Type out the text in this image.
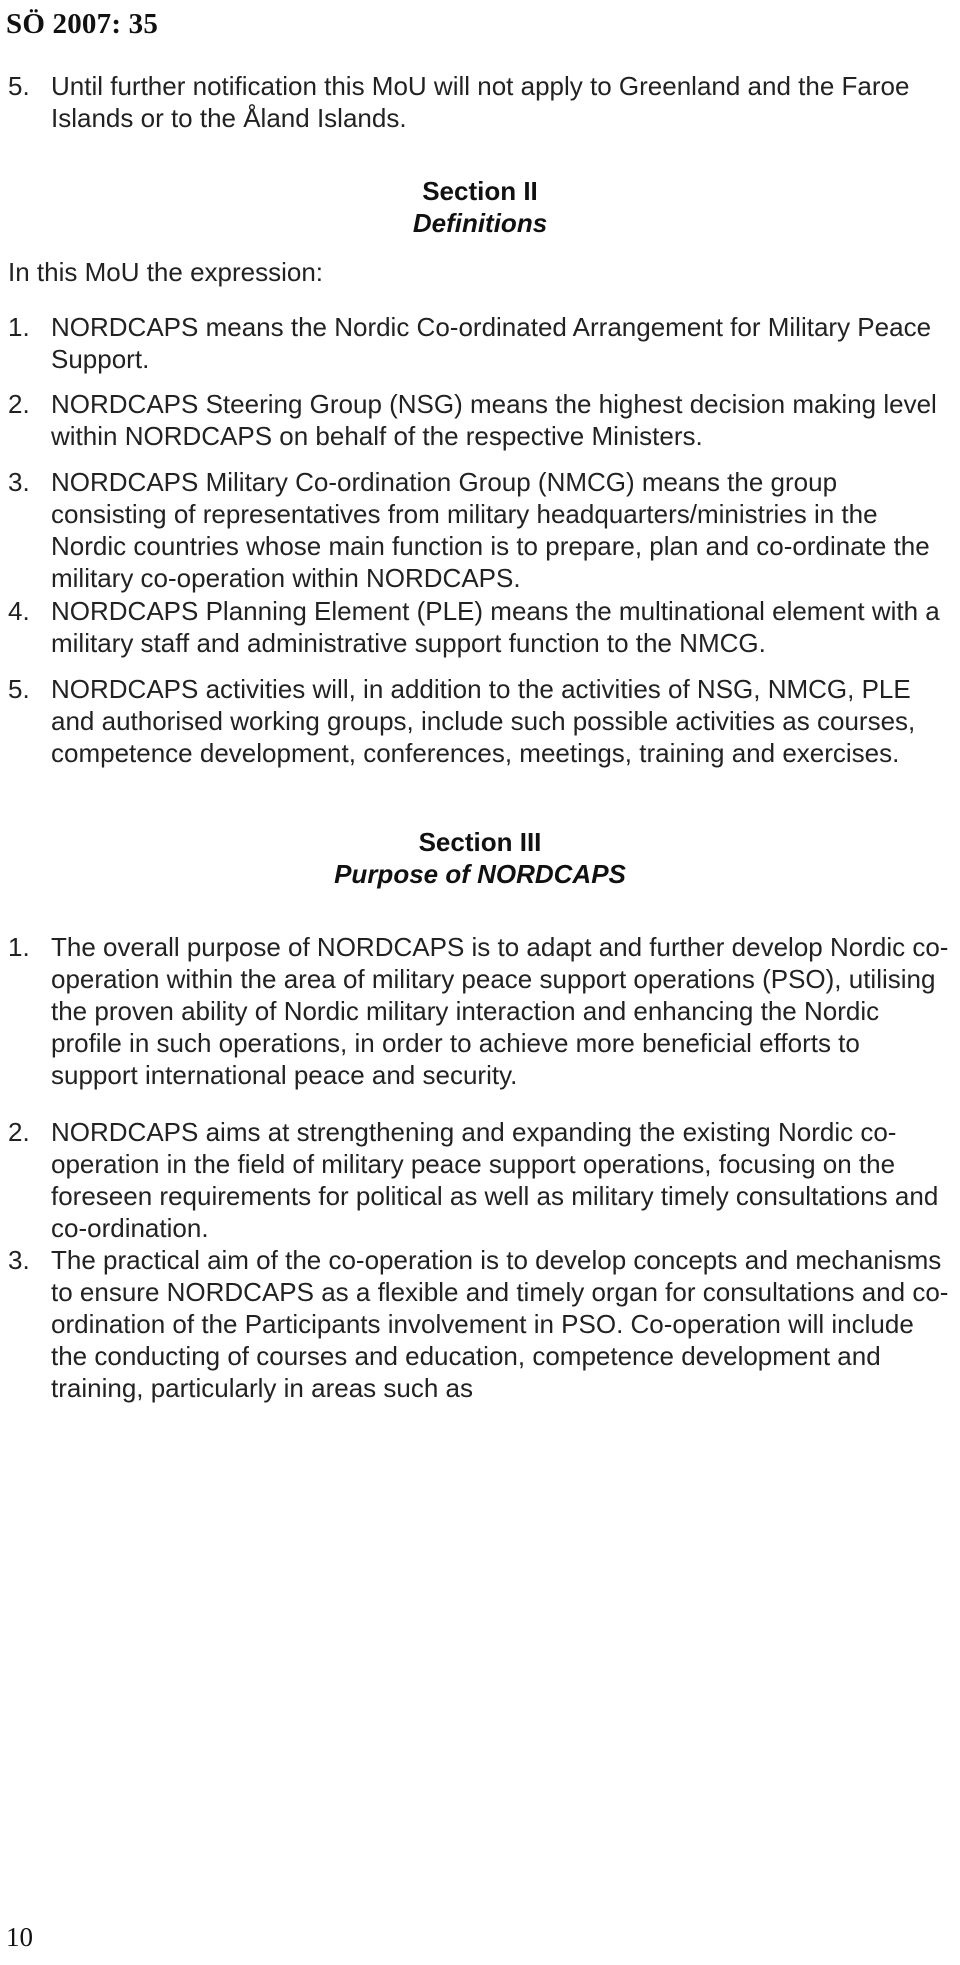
SÖ 2007: 35
5. Until further notification this MoU will not apply to Greenland and the Faroe Islands or to the Åland Islands.
Section II
Definitions
In this MoU the expression:
1. NORDCAPS means the Nordic Co-ordinated Arrangement for Military Peace Support.
2. NORDCAPS Steering Group (NSG) means the highest decision making level within NORDCAPS on behalf of the respective Ministers.
3. NORDCAPS Military Co-ordination Group (NMCG) means the group consisting of representatives from military headquarters/ministries in the Nordic countries whose main function is to prepare, plan and co-ordinate the military co-operation within NORDCAPS.
4. NORDCAPS Planning Element (PLE) means the multinational element with a military staff and administrative support function to the NMCG.
5. NORDCAPS activities will, in addition to the activities of NSG, NMCG, PLE and authorised working groups, include such possible activities as courses, competence development, conferences, meetings, training and exercises.
Section III
Purpose of NORDCAPS
1. The overall purpose of NORDCAPS is to adapt and further develop Nordic co-operation within the area of military peace support operations (PSO), utilising the proven ability of Nordic military interaction and enhancing the Nordic profile in such operations, in order to achieve more beneficial efforts to support international peace and security.
2. NORDCAPS aims at strengthening and expanding the existing Nordic co-operation in the field of military peace support operations, focusing on the foreseen requirements for political as well as military timely consultations and co-ordination.
3. The practical aim of the co-operation is to develop concepts and mechanisms to ensure NORDCAPS as a flexible and timely organ for consultations and co-ordination of the Participants involvement in PSO. Co-operation will include the conducting of courses and education, competence development and training, particularly in areas such as
10
